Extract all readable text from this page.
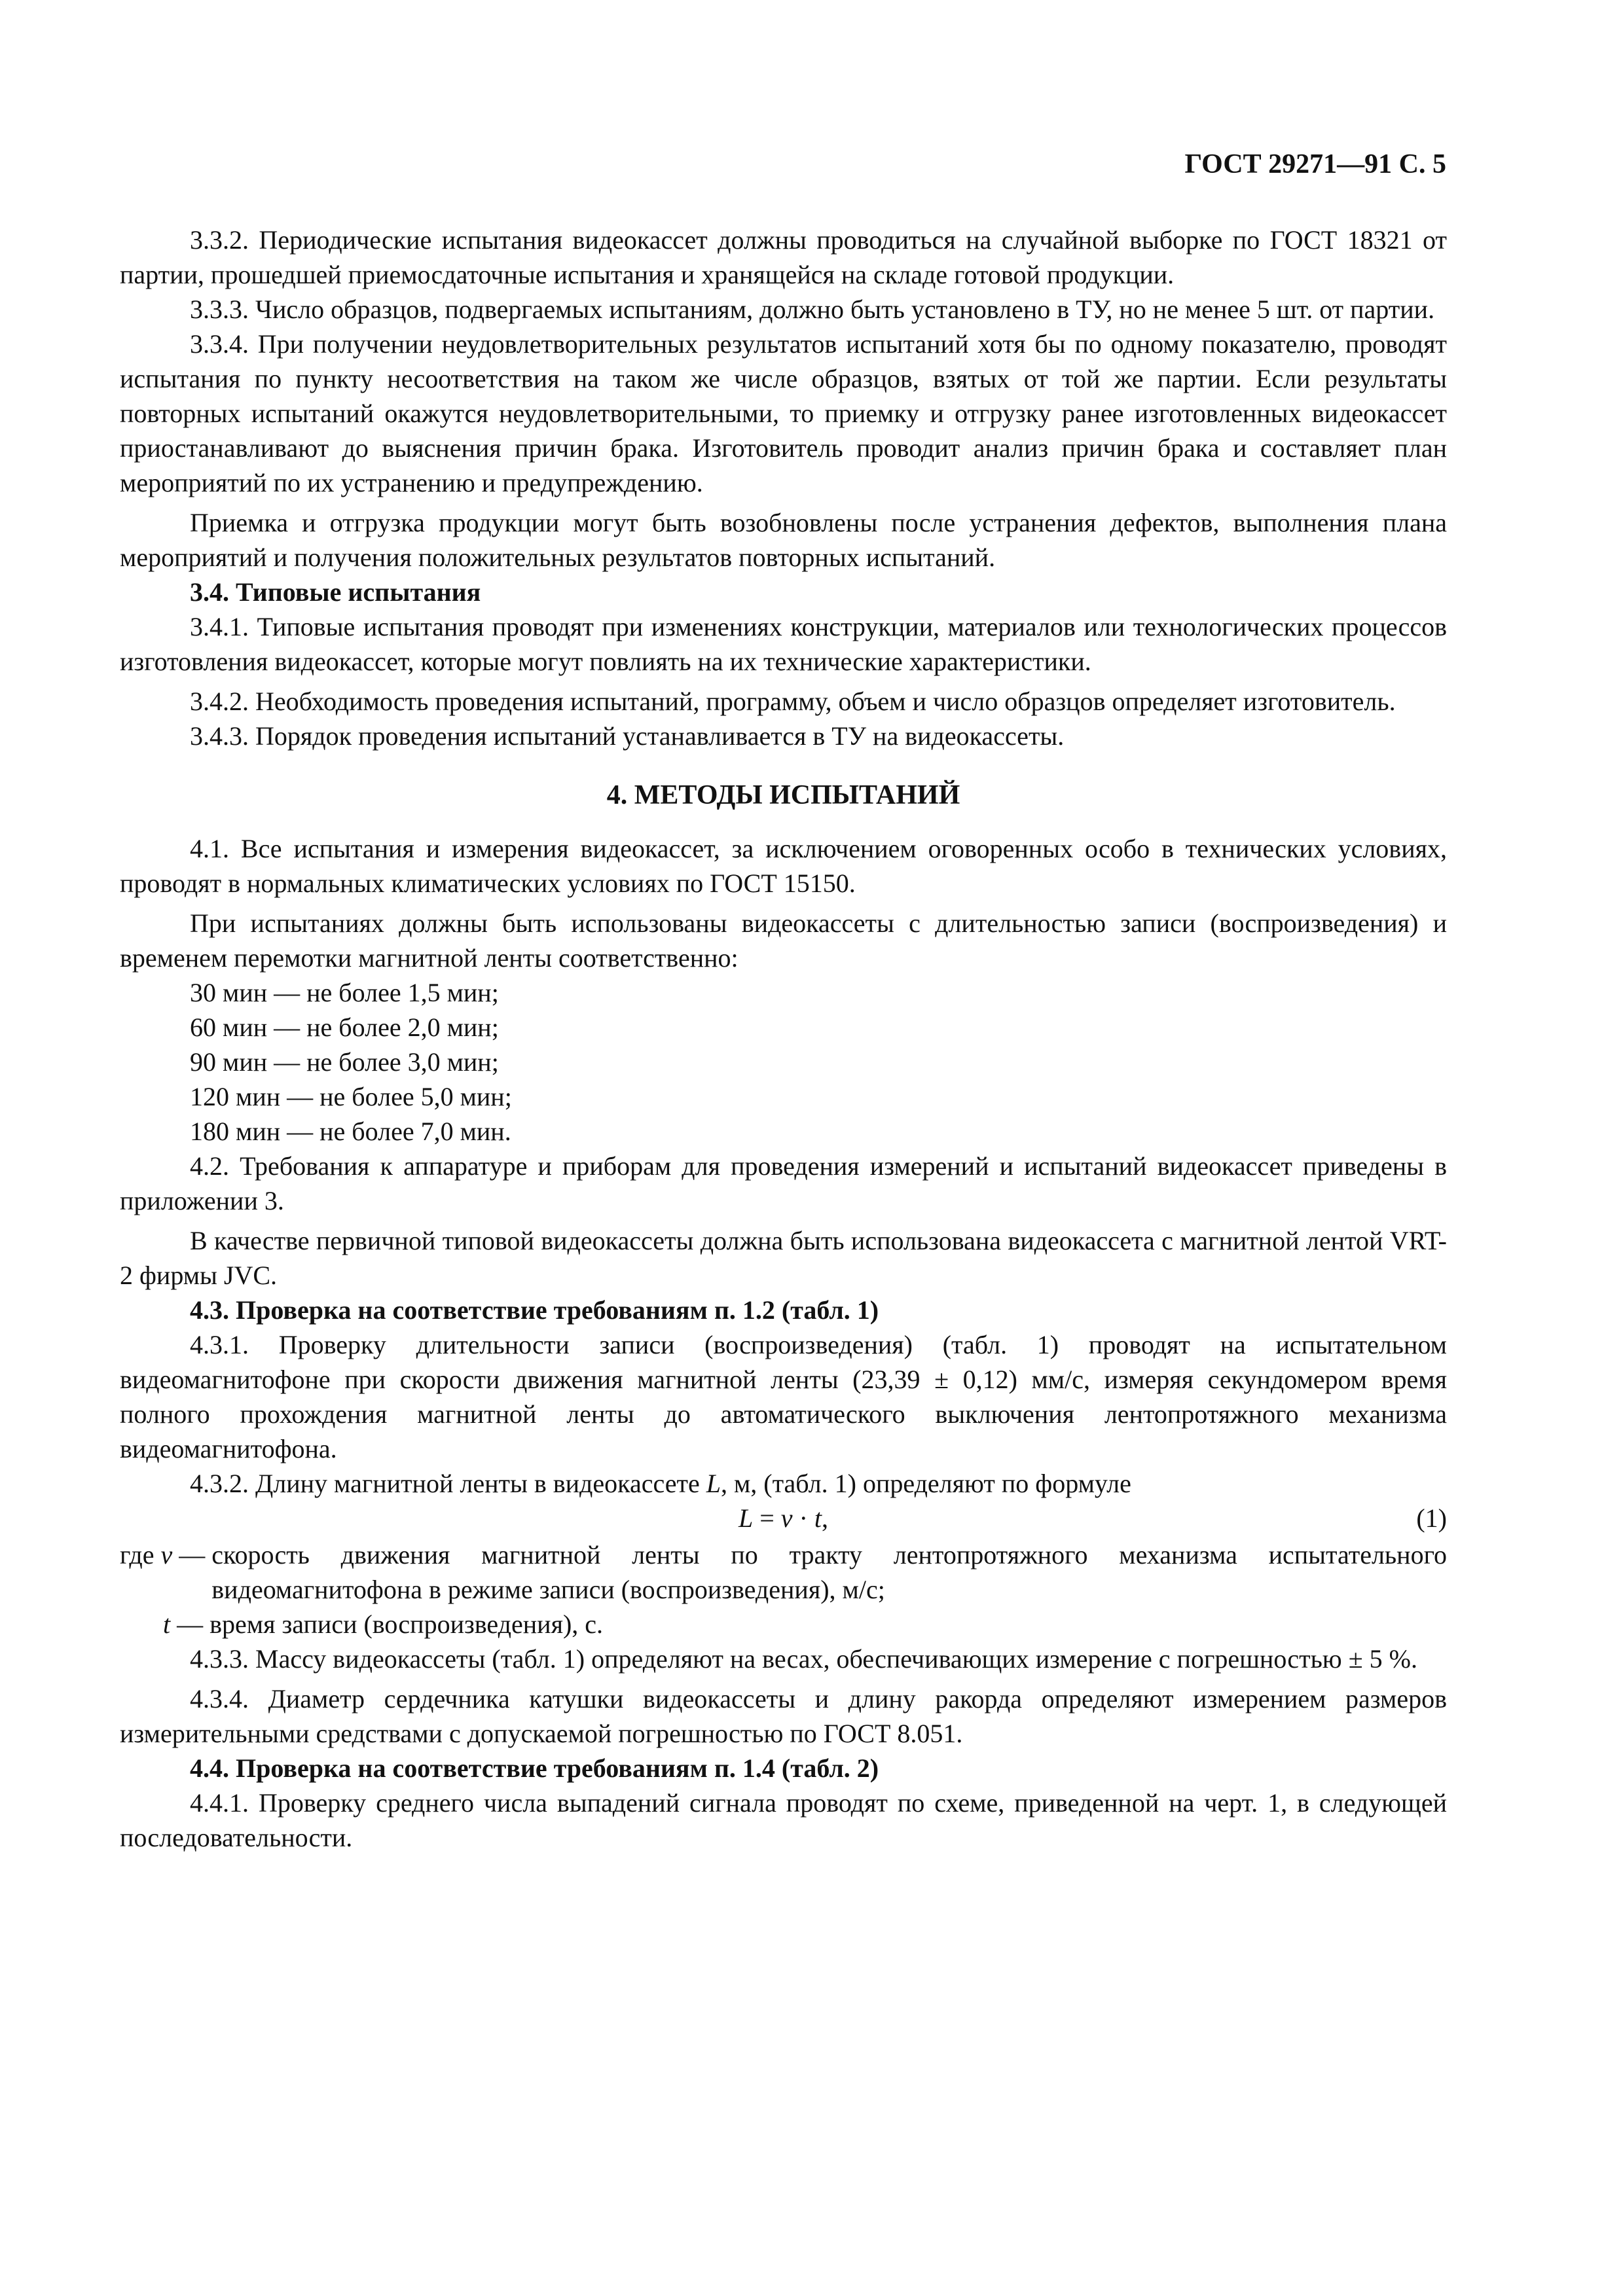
ГОСТ 29271—91 С. 5

3.3.2. Периодические испытания видеокассет должны проводиться на случайной выборке по ГОСТ 18321 от партии, прошедшей приемосдаточные испытания и хранящейся на складе готовой продукции.

3.3.3. Число образцов, подвергаемых испытаниям, должно быть установлено в ТУ, но не менее 5 шт. от партии.

3.3.4. При получении неудовлетворительных результатов испытаний хотя бы по одному показателю, проводят испытания по пункту несоответствия на таком же числе образцов, взятых от той же партии. Если результаты повторных испытаний окажутся неудовлетворительными, то приемку и отгрузку ранее изготовленных видеокассет приостанавливают до выяснения причин брака. Изготовитель проводит анализ причин брака и составляет план мероприятий по их устранению и предупреждению.

Приемка и отгрузка продукции могут быть возобновлены после устранения дефектов, выполнения плана мероприятий и получения положительных результатов повторных испытаний.

3.4. Типовые испытания

3.4.1. Типовые испытания проводят при изменениях конструкции, материалов или технологических процессов изготовления видеокассет, которые могут повлиять на их технические характеристики.

3.4.2. Необходимость проведения испытаний, программу, объем и число образцов определяет изготовитель.

3.4.3. Порядок проведения испытаний устанавливается в ТУ на видеокассеты.

4. МЕТОДЫ ИСПЫТАНИЙ

4.1. Все испытания и измерения видеокассет, за исключением оговоренных особо в технических условиях, проводят в нормальных климатических условиях по ГОСТ 15150.

При испытаниях должны быть использованы видеокассеты с длительностью записи (воспроизведения) и временем перемотки магнитной ленты соответственно:

30 мин — не более 1,5 мин;

60 мин — не более 2,0 мин;

90 мин — не более 3,0 мин;

120 мин — не более 5,0 мин;

180 мин — не более 7,0 мин.

4.2. Требования к аппаратуре и приборам для проведения измерений и испытаний видеокассет приведены в приложении 3.

В качестве первичной типовой видеокассеты должна быть использована видеокассета с магнитной лентой VRT-2 фирмы JVC.

4.3. Проверка на соответствие требованиям п. 1.2 (табл. 1)

4.3.1. Проверку длительности записи (воспроизведения) (табл. 1) проводят на испытательном видеомагнитофоне при скорости движения магнитной ленты (23,39 ± 0,12) мм/с, измеряя секундомером время полного прохождения магнитной ленты до автоматического выключения лентопротяжного механизма видеомагнитофона.

4.3.2. Длину магнитной ленты в видеокассете L, м, (табл. 1) определяют по формуле

L = v · t,	(1)
где v — скорость движения магнитной ленты по тракту лентопротяжного механизма испытательного видеомагнитофона в режиме записи (воспроизведения), м/с;
t — время записи (воспроизведения), с.

4.3.3. Массу видеокассеты (табл. 1) определяют на весах, обеспечивающих измерение с погрешностью ± 5 %.

4.3.4. Диаметр сердечника катушки видеокассеты и длину ракорда определяют измерением размеров измерительными средствами с допускаемой погрешностью по ГОСТ 8.051.

4.4. Проверка на соответствие требованиям п. 1.4 (табл. 2)

4.4.1. Проверку среднего числа выпадений сигнала проводят по схеме, приведенной на черт. 1, в следующей последовательности.
